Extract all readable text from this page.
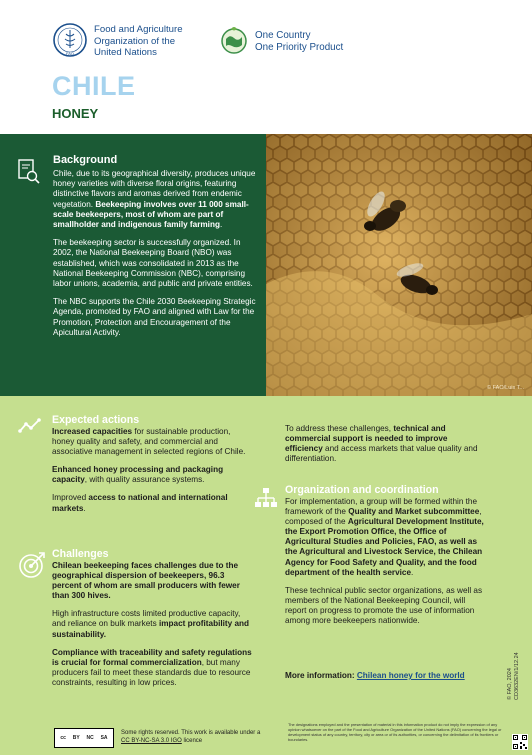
FAO
Food and Agriculture Organization of the United Nations
One Country
One Priority Product
CHILE
HONEY
Background

Chile, due to its geographical diversity, produces unique honey varieties with diverse floral origins, featuring distinctive flavors and aromas derived from endemic vegetation. Beekeeping involves over 11 000 small-scale beekeepers, most of whom are part of smallholder and indigenous family farming.

The beekeeping sector is successfully organized. In 2002, the National Beekeeping Board (NBO) was established, which was consolidated in 2013 as the National Beekeeping Commission (NBC), comprising labor unions, academia, and public and private entities.

The NBC supports the Chile 2030 Beekeeping Strategic Agenda, promoted by FAO and aligned with Law for the Promotion, Protection and Encouragement of the Apicultural Activity.

© FAO/Luis T...
Expected actions

Increased capacities for sustainable production, honey quality and safety, and commercial and associative management in selected regions of Chile.

Enhanced honey processing and packaging capacity, with quality assurance systems.

Improved access to national and international markets.

Challenges

Chilean beekeeping faces challenges due to the geographical dispersion of beekeepers, 96.3 percent of whom are small producers with fewer than 300 hives.

High infrastructure costs limited productive capacity, and reliance on bulk markets impact profitability and sustainability.

Compliance with traceability and safety regulations is crucial for formal commercialization, but many producers fail to meet these standards due to resource constraints, resulting in low prices.

To address these challenges, technical and commercial support is needed to improve efficiency and access markets that value quality and differentiation.

Organization and coordination

For implementation, a group will be formed within the framework of the Quality and Market subcommittee, composed of the Agricultural Development Institute, the Export Promotion Office, the Office of Agricultural Studies and Policies, FAO, as well as the Agricultural and Livestock Service, the Chilean Agency for Food Safety and Quality, and the food department of the health service.

These technical public sector organizations, as well as members of the National Beekeeping Council, will report on progress to promote the use of information among more beekeepers nationwide.

More information: Chilean honey for the world
cc BY NC SA
Some rights reserved. This work is available under a CC BY-NC-SA 3.0 IGO licence
The designations employed and the presentation of material in this information product do not imply the expression of any opinion whatsoever on the part of the Food and Agriculture Organization of the United Nations (FAO) concerning the legal or development status of any country, territory, city or area or of its authorities, or concerning the delimitation of its frontiers or boundaries.
© FAO, 2024 CD3632EN/1/12.24
